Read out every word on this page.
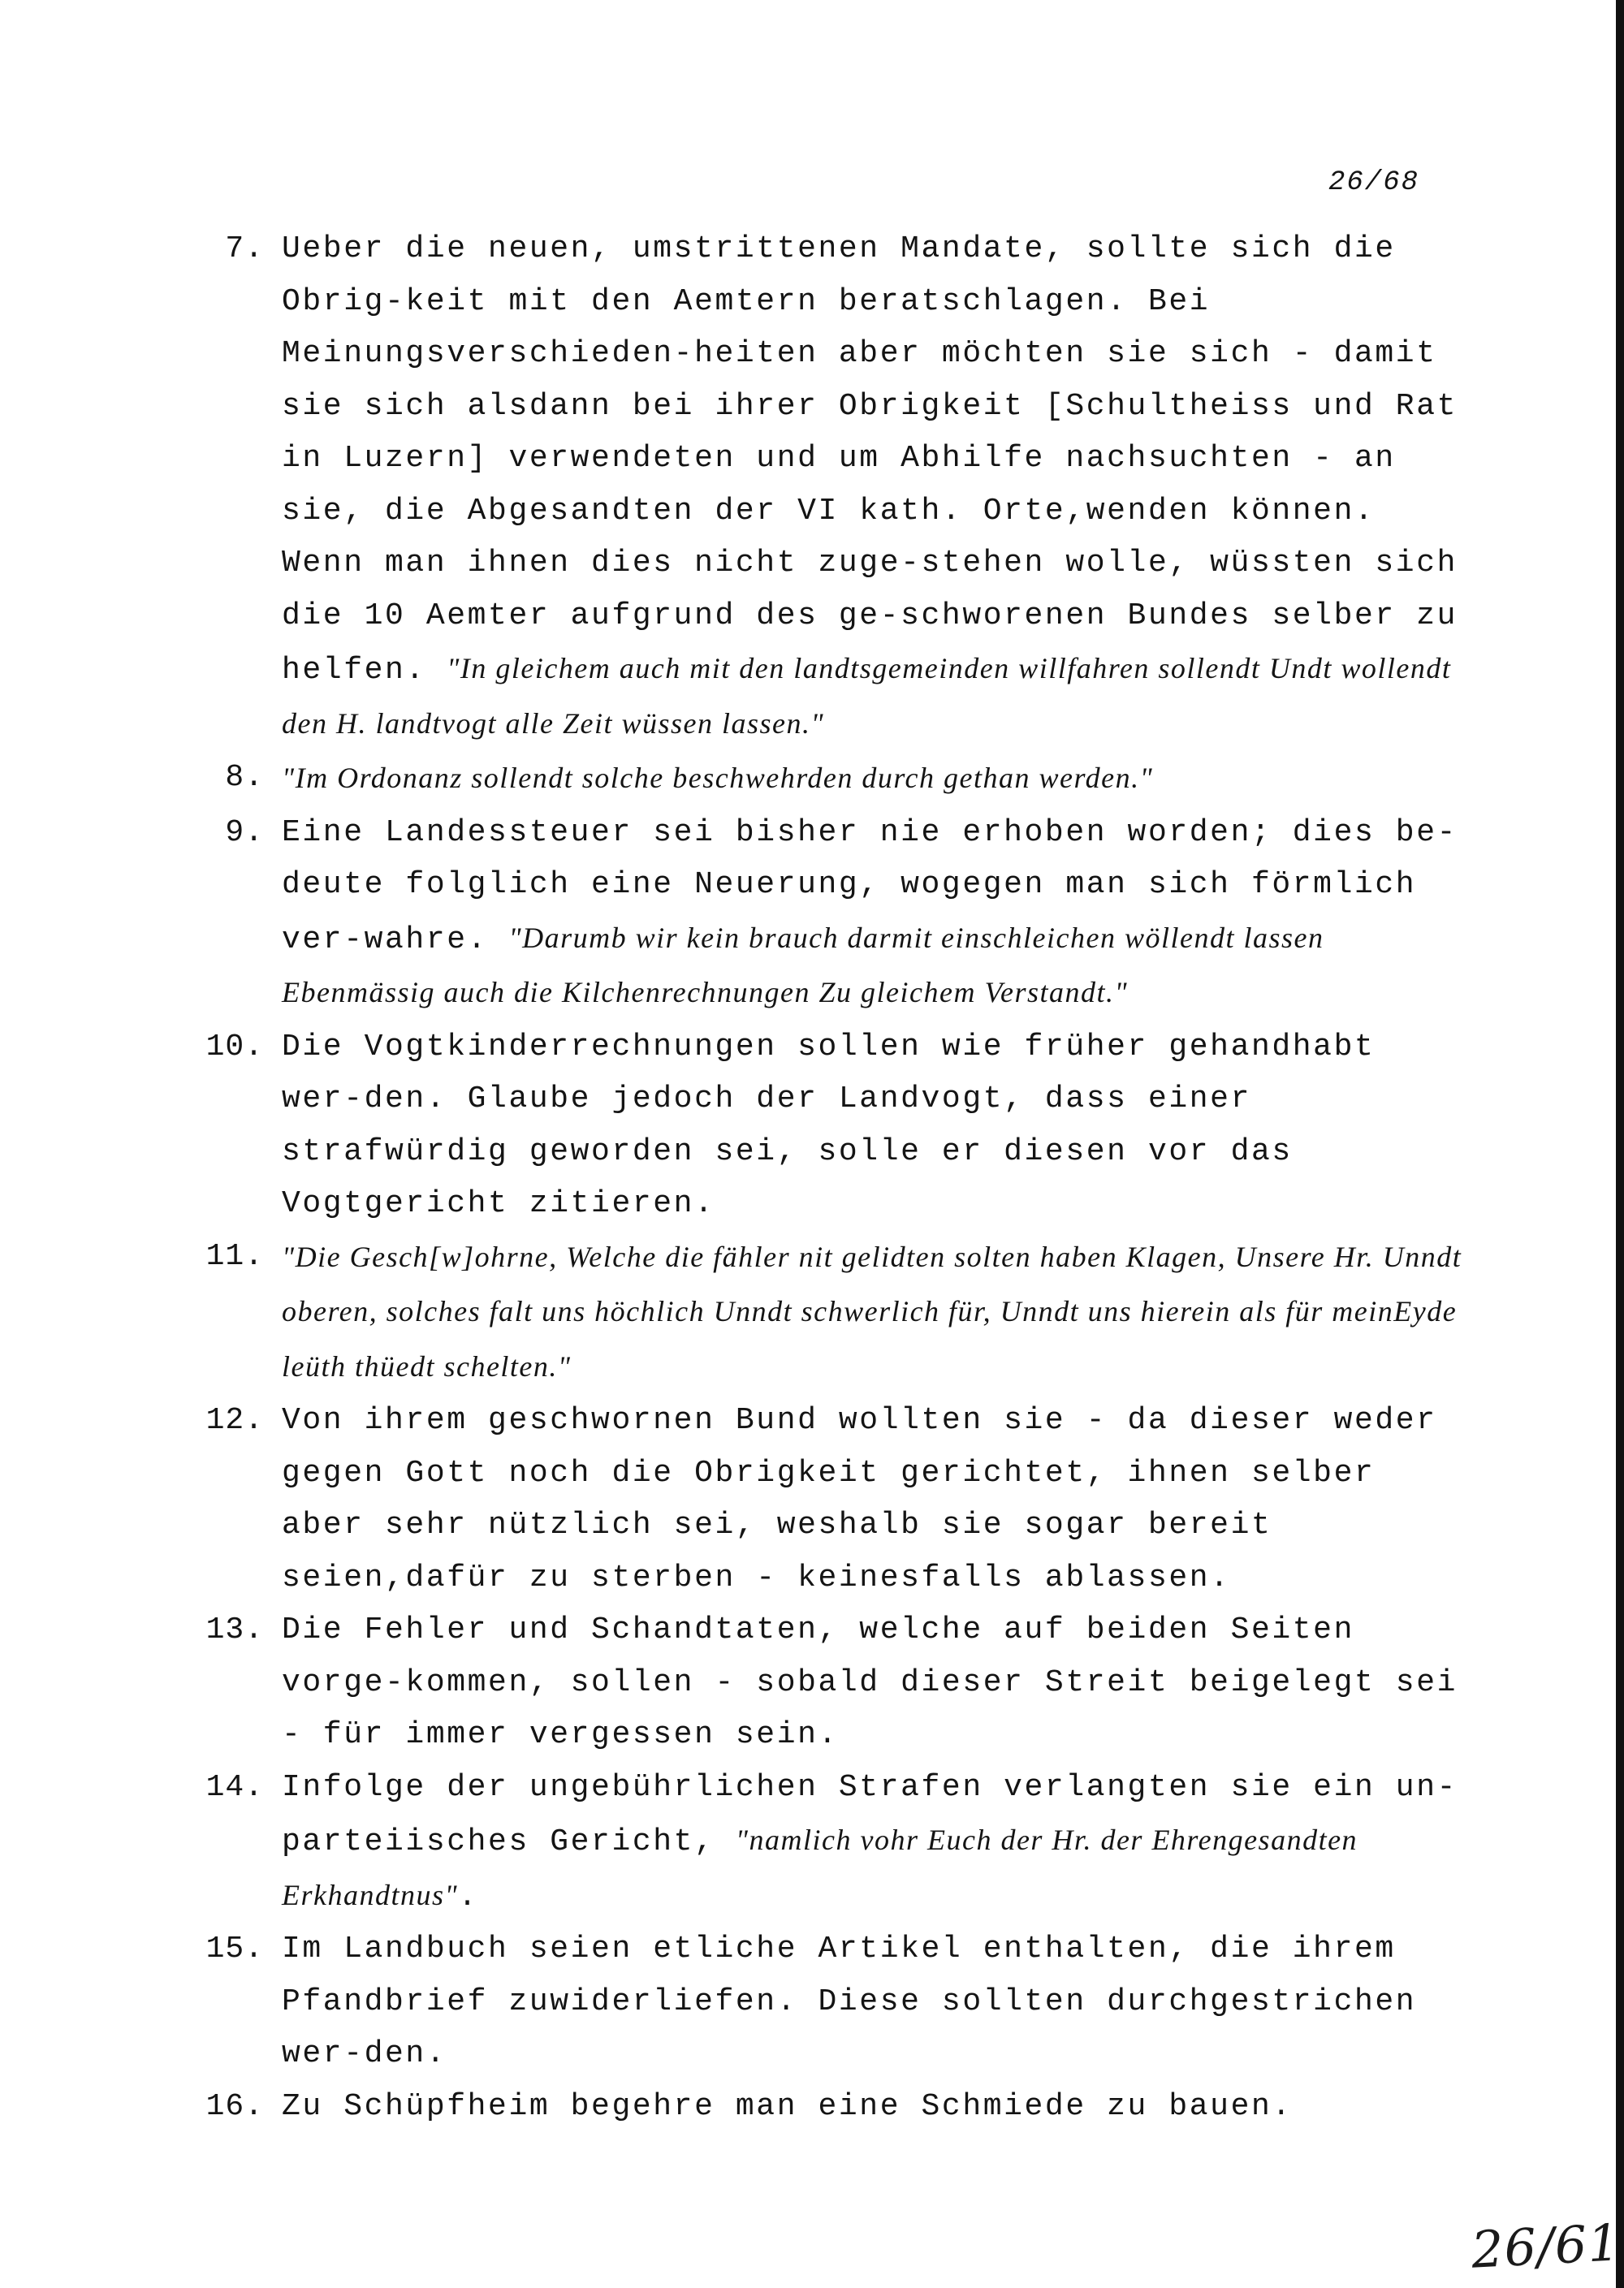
26/68
7. Ueber die neuen, umstrittenen Mandate, sollte sich die Obrig-keit mit den Aemtern beratschlagen. Bei Meinungsverschieden-heiten aber möchten sie sich - damit sie sich alsdann bei ihrer Obrigkeit [Schultheiss und Rat in Luzern] verwendeten und um Abhilfe nachsuchten - an sie, die Abgesandten der VI kath. Orte,wenden können. Wenn man ihnen dies nicht zuge-stehen wolle, wüssten sich die 10 Aemter aufgrund des ge-schworenen Bundes selber zu helfen. "In gleichem auch mit den landtsgemeinden willfahren sollendt Undt wollendt den H. landtvogt alle Zeit wüssen lassen."
8. "Im Ordonanz sollendt solche beschwehrden durch gethan werden."
9. Eine Landessteuer sei bisher nie erhoben worden; dies be-deute folglich eine Neuerung, wogegen man sich förmlich ver-wahre. "Darumb wir kein brauch darmit einschleichen wöllendt lassen Ebenmässig auch die Kilchenrechnungen Zu gleichem Verstandt."
10. Die Vogtkinderrechnungen sollen wie früher gehandhabt wer-den. Glaube jedoch der Landvogt, dass einer strafwürdig geworden sei, solle er diesen vor das Vogtgericht zitieren.
11. "Die Gesch[w]ohrne, Welche die fähler nit gelidten solten haben Klagen, Unsere Hr. Unndt oberen, solches falt uns höchlich Unndt schwerlich für, Unndt uns hierein als für meinEyde leüth thüedt schelten."
12. Von ihrem geschwornen Bund wollten sie - da dieser weder gegen Gott noch die Obrigkeit gerichtet, ihnen selber aber sehr nützlich sei, weshalb sie sogar bereit seien,dafür zu sterben - keinesfalls ablassen.
13. Die Fehler und Schandtaten, welche auf beiden Seiten vorge-kommen, sollen - sobald dieser Streit beigelegt sei - für immer vergessen sein.
14. Infolge der ungebührlichen Strafen verlangten sie ein un-parteiisches Gericht, "namlich vohr Euch der Hr. der Ehrengesandten Erkhandtnus".
15. Im Landbuch seien etliche Artikel enthalten, die ihrem Pfandbrief zuwiderliefen. Diese sollten durchgestrichen wer-den.
16. Zu Schüpfheim begehre man eine Schmiede zu bauen.
26/61
